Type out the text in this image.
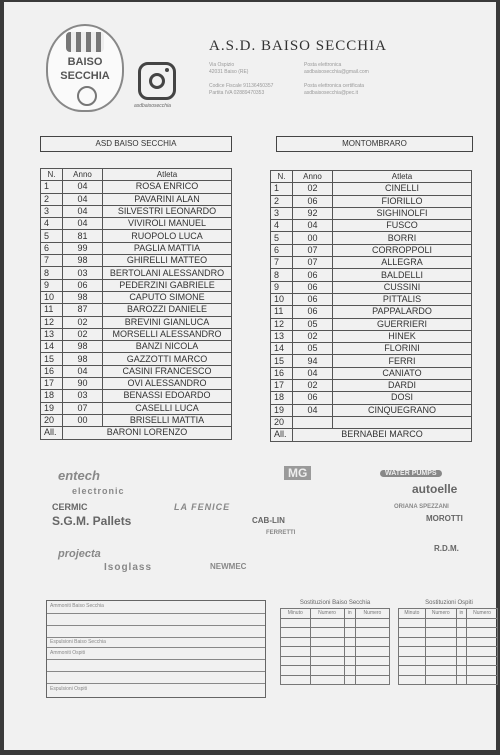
BAISO
SECCHIA
asdbaisosecchia
A.S.D. BAISO SECCHIA
Via Ospizio
42031 Baiso (RE)

Codice Fiscale 91136450357
Partita IVA 02889470353
Posta elettronica
asdbaisosecchia@gmail.com

Posta elettronica certificata
asdbaisosecchia@pec.it
ASD BAISO SECCHIA	MONTOMBRARO
N.	Anno	Atleta
1	04	ROSA ENRICO
2	04	PAVARINI ALAN
3	04	SILVESTRI LEONARDO
4	04	VIVIROLI MANUEL
5	81	RUOPOLO LUCA
6	99	PAGLIA MATTIA
7	98	GHIRELLI MATTEO
8	03	BERTOLANI ALESSANDRO
9	06	PEDERZINI GABRIELE
10	98	CAPUTO SIMONE
11	87	BAROZZI DANIELE
12	02	BREVINI GIANLUCA
13	02	MORSELLI ALESSANDRO
14	98	BANZI NICOLA
15	98	GAZZOTTI MARCO
16	04	CASINI FRANCESCO
17	90	OVI ALESSANDRO
18	03	BENASSI EDOARDO
19	07	CASELLI LUCA
20	00	BRISELLI MATTIA
All.	BARONI LORENZO	
N.	Anno	Atleta
1	02	CINELLI
2	06	FIORILLO
3	92	SIGHINOLFI
4	04	FUSCO
5	00	BORRI
6	07	CORROPPOLI
7	07	ALLEGRA
8	06	BALDELLI
9	06	CUSSINI
10	06	PITTALIS
11	06	PAPPALARDO
12	05	GUERRIERI
13	02	HINEK
14	05	FLORINI
15	94	FERRI
16	04	CANIATO
17	02	DARDI
18	06	DOSI
19	04	CINQUEGRANO
20		
All.	BERNABEI MARCO	
entech	MG	WATER PUMPS
electronic	autoelle
CERMIC	LA FENICE	ORIANA SPEZZANI
MOROTTI
S.G.M. Pallets	CAB-LIN
FERRETTI
projecta	R.D.M.
Isoglass	NEWMEC
Ammoniti Baiso Secchia
Espulsioni Baiso Secchia
Ammoniti Ospiti
Espulsioni Ospiti
Sostituzioni Baiso Secchia
Minuto	Numero	in	Numero

Sostituzioni Ospiti
Minuto	Numero	in	Numero
